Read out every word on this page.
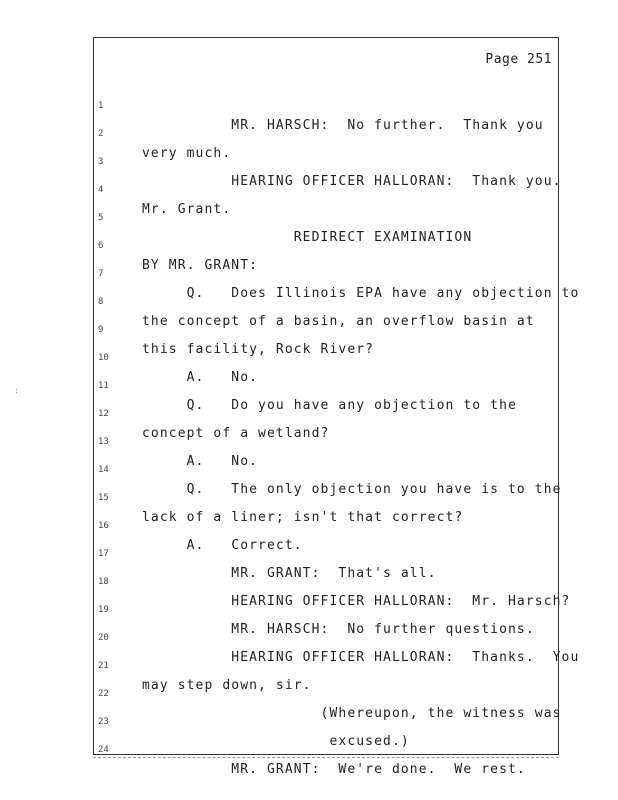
Page 251

1

MR. HARSCH:  No further.  Thank you

2

very much.

3

HEARING OFFICER HALLORAN:  Thank you.

4

Mr. Grant.

5

REDIRECT EXAMINATION

6

BY MR. GRANT:

7

Q.   Does Illinois EPA have any objection to

8

the concept of a basin, an overflow basin at

9

this facility, Rock River?

10

A.   No.

11

Q.   Do you have any objection to the

12

concept of a wetland?

13

A.   No.

14

Q.   The only objection you have is to the

15

lack of a liner; isn't that correct?

16

A.   Correct.

17

MR. GRANT:  That's all.

18

HEARING OFFICER HALLORAN:  Mr. Harsch?

19

MR. HARSCH:  No further questions.

20

HEARING OFFICER HALLORAN:  Thanks.  You

21

may step down, sir.

22

(Whereupon, the witness was

23

excused.)

24

MR. GRANT:  We're done.  We rest.

:
